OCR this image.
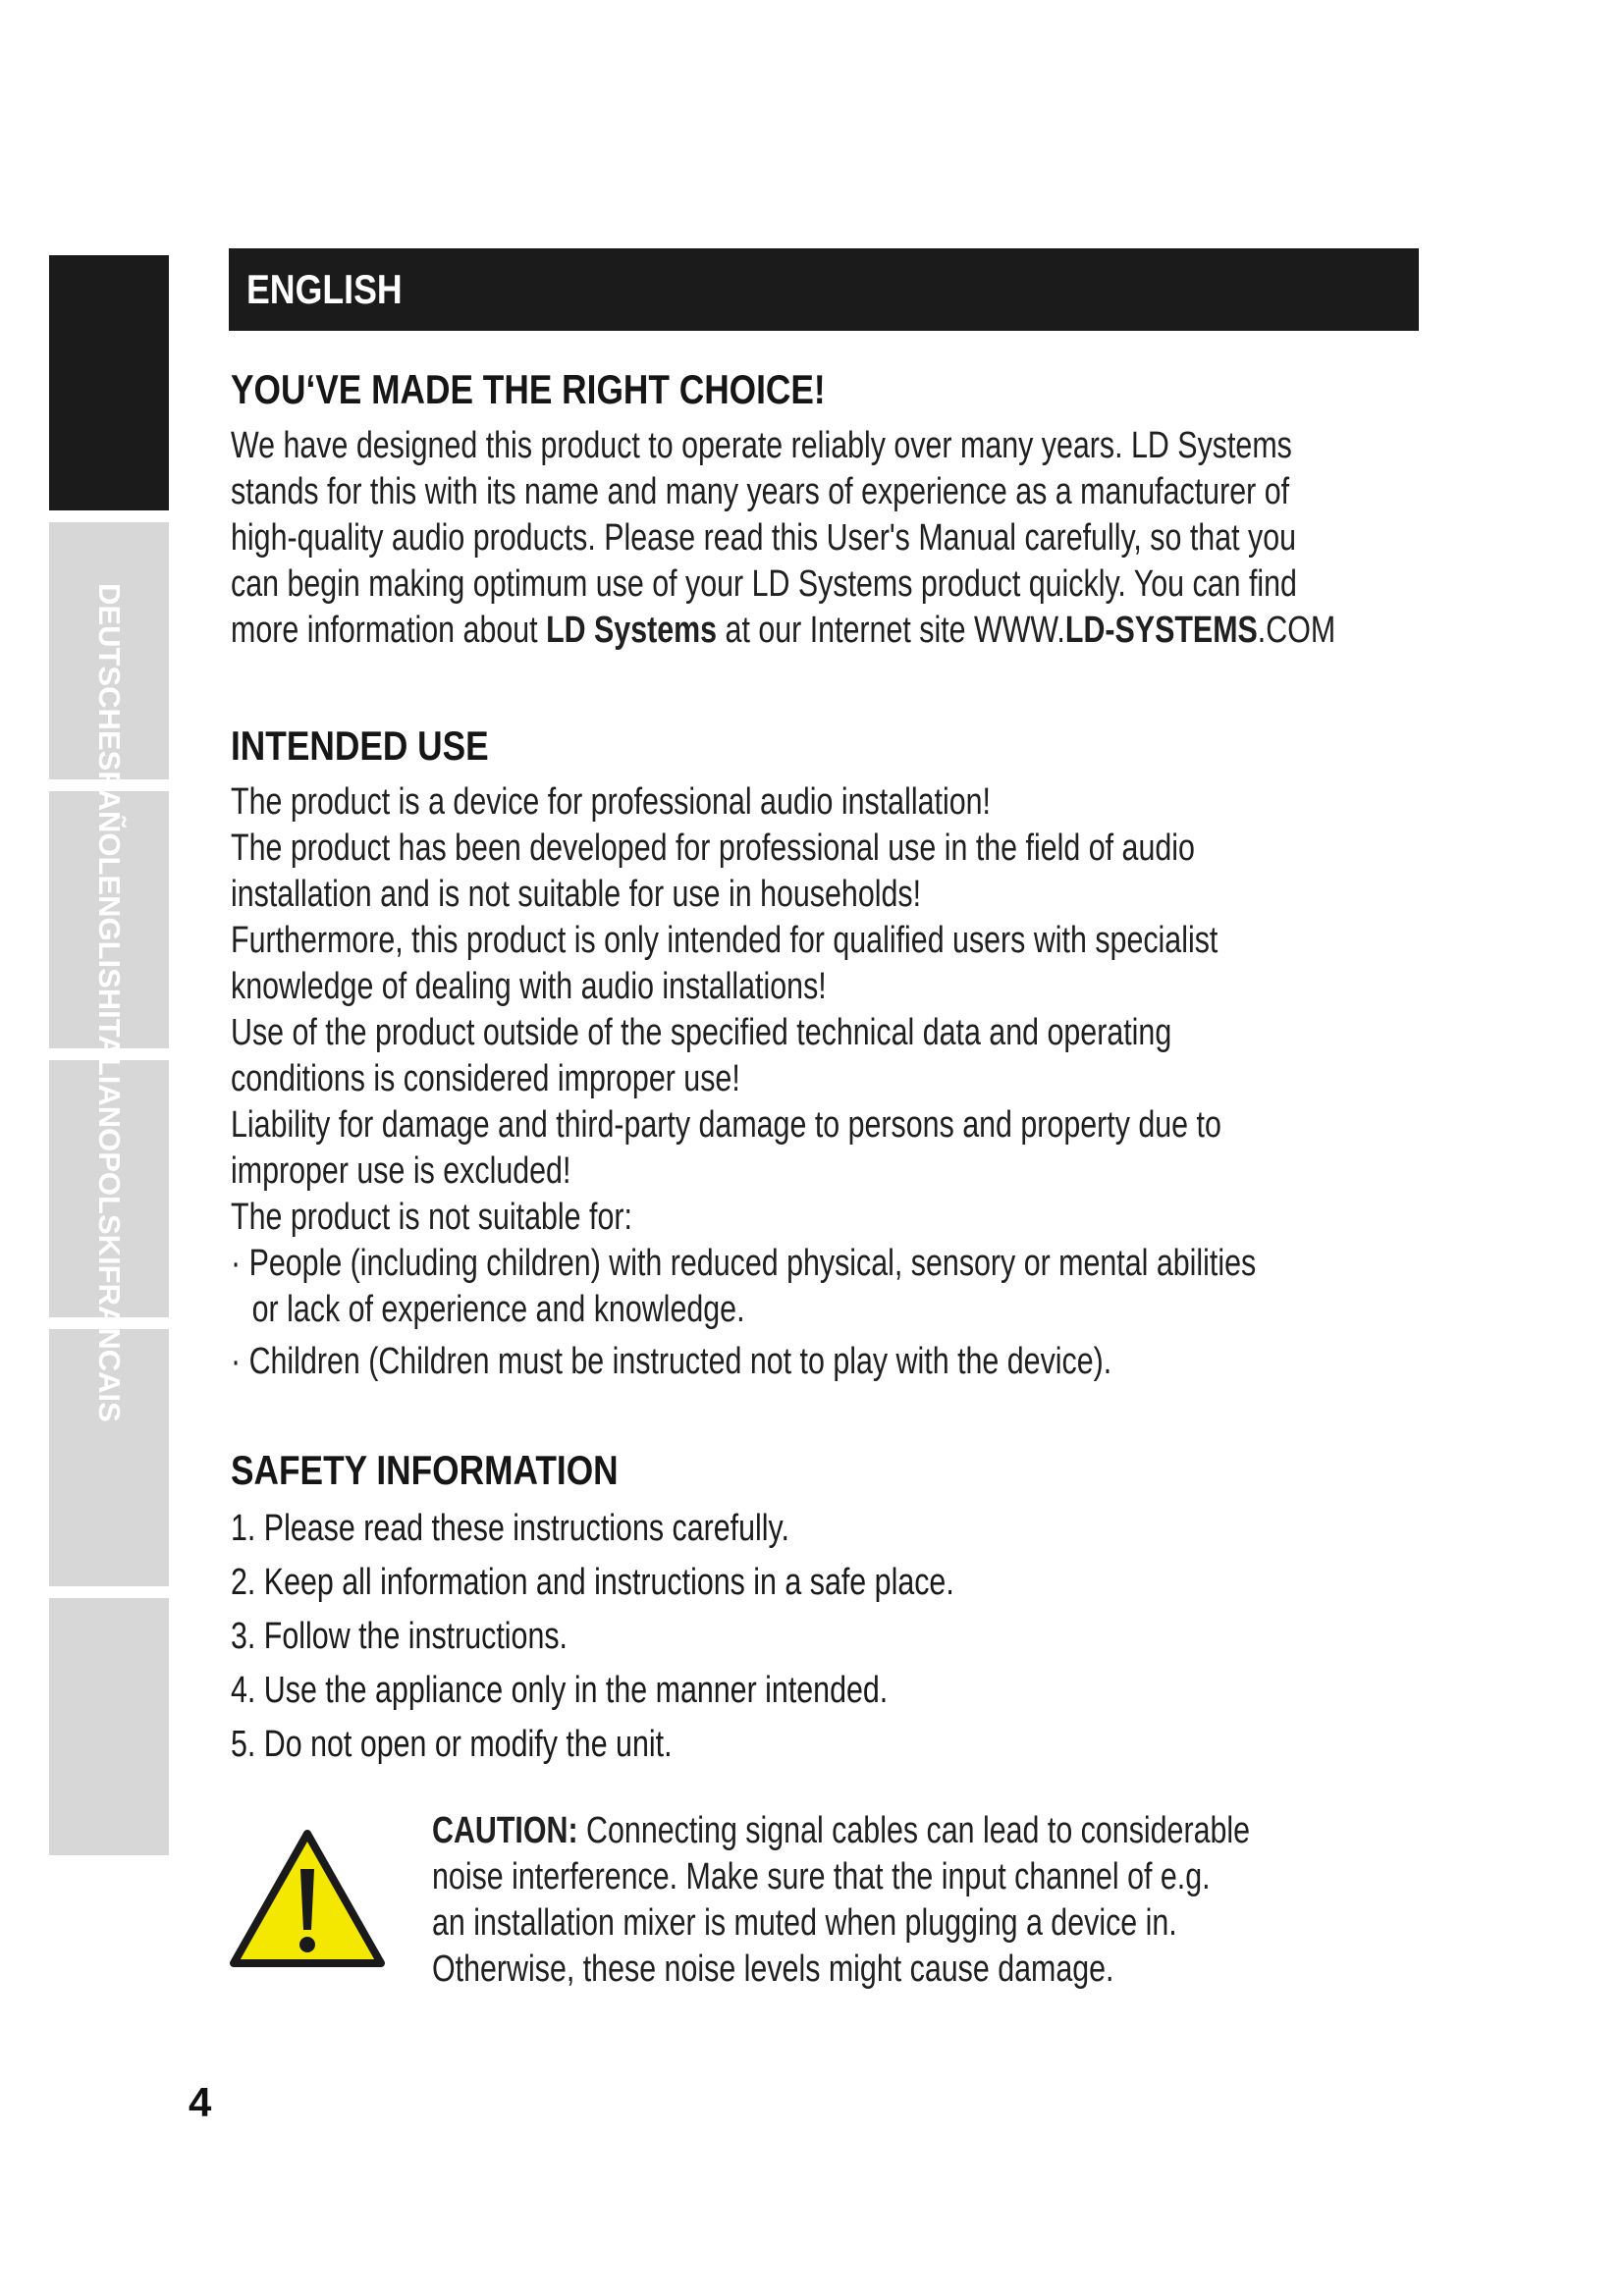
DEUTSCHESPAÑOLENGLISHITALIANOPOLSKIFRANCAIS
ENGLISH
YOU‘VE MADE THE RIGHT CHOICE!

We have designed this product to operate reliably over many years. LD Systems

stands for this with its name and many years of experience as a manufacturer of

high-quality audio products. Please read this User's Manual carefully, so that you

can begin making optimum use of your LD Systems product quickly. You can find

more information about LD Systems at our Internet site WWW.LD-SYSTEMS.COM

INTENDED USE

The product is a device for professional audio installation!

The product has been developed for professional use in the field of audio

installation and is not suitable for use in households!

Furthermore, this product is only intended for qualified users with specialist

knowledge of dealing with audio installations!

Use of the product outside of the specified technical data and operating

conditions is considered improper use!

Liability for damage and third-party damage to persons and property due to

improper use is excluded!

The product is not suitable for:

· People (including children) with reduced physical, sensory or mental abilities

or lack of experience and knowledge.

· Children (Children must be instructed not to play with the device).

SAFETY INFORMATION
1. Please read these instructions carefully.
2. Keep all information and instructions in a safe place.
3. Follow the instructions.
4. Use the appliance only in the manner intended.
5. Do not open or modify the unit.

CAUTION: Connecting signal cables can lead to considerable

noise interference. Make sure that the input channel of e.g.

an installation mixer is muted when plugging a device in.

Otherwise, these noise levels might cause damage.

4
